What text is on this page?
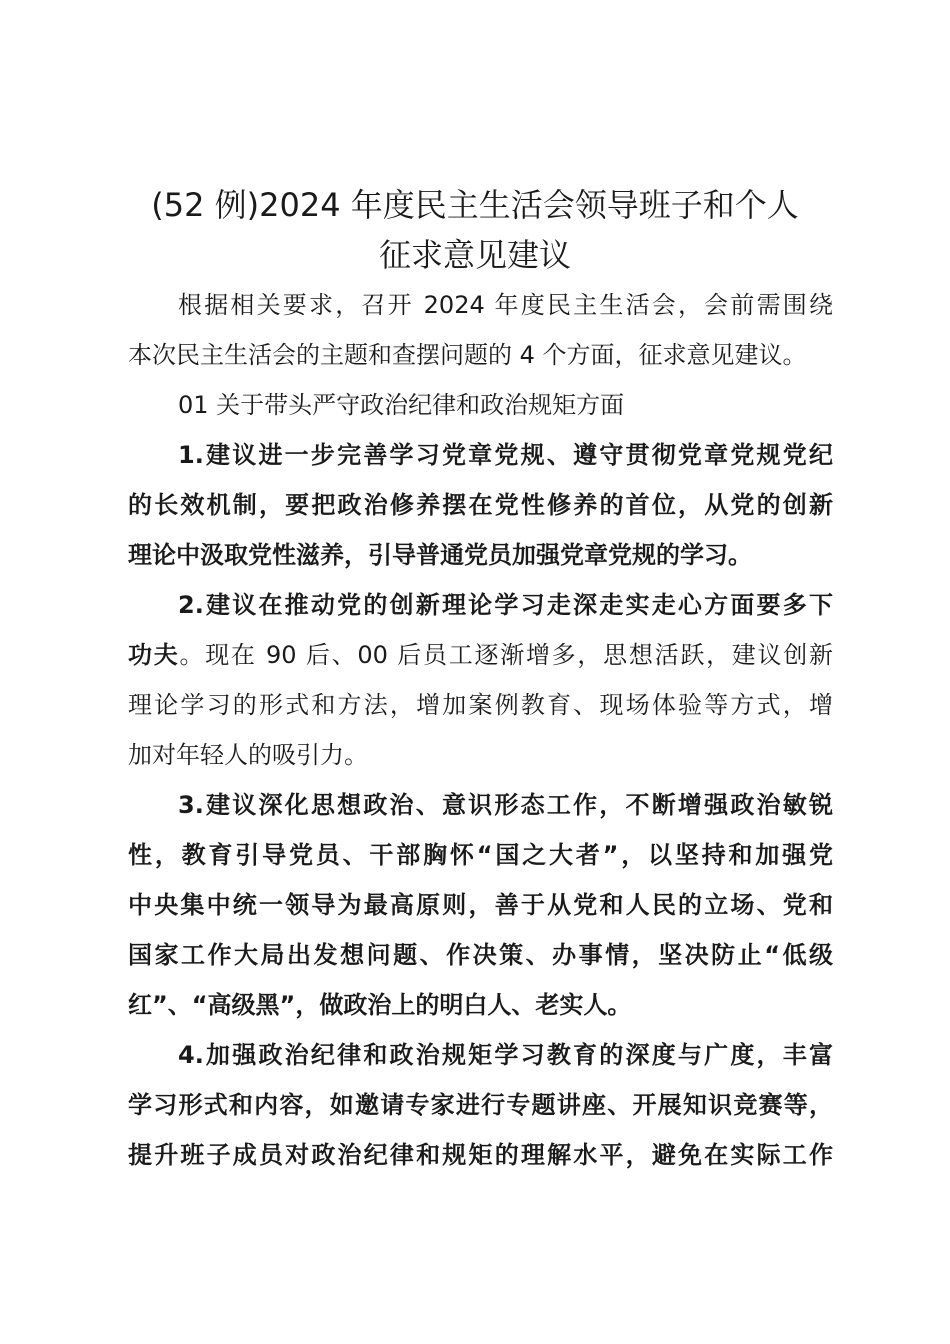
(52 例)2024 年度民主生活会领导班子和个人
征求意见建议

根据相关要求，召开 2024 年度民主生活会，会前需围绕
本次民主生活会的主题和查摆问题的 4 个方面，征求意见建议。

01 关于带头严守政治纪律和政治规矩方面

1.建议进一步完善学习党章党规、遵守贯彻党章党规党纪
的长效机制，要把政治修养摆在党性修养的首位，从党的创新
理论中汲取党性滋养，引导普通党员加强党章党规的学习。

2.建议在推动党的创新理论学习走深走实走心方面要多下
功夫。现在 90 后、00 后员工逐渐增多，思想活跃，建议创新
理论学习的形式和方法，增加案例教育、现场体验等方式，增
加对年轻人的吸引力。

3.建议深化思想政治、意识形态工作，不断增强政治敏锐
性，教育引导党员、干部胸怀“国之大者”，以坚持和加强党
中央集中统一领导为最高原则，善于从党和人民的立场、党和
国家工作大局出发想问题、作决策、办事情，坚决防止“低级
红”、“高级黑”，做政治上的明白人、老实人。

4.加强政治纪律和政治规矩学习教育的深度与广度，丰富
学习形式和内容，如邀请专家进行专题讲座、开展知识竞赛等，
提升班子成员对政治纪律和规矩的理解水平，避免在实际工作
